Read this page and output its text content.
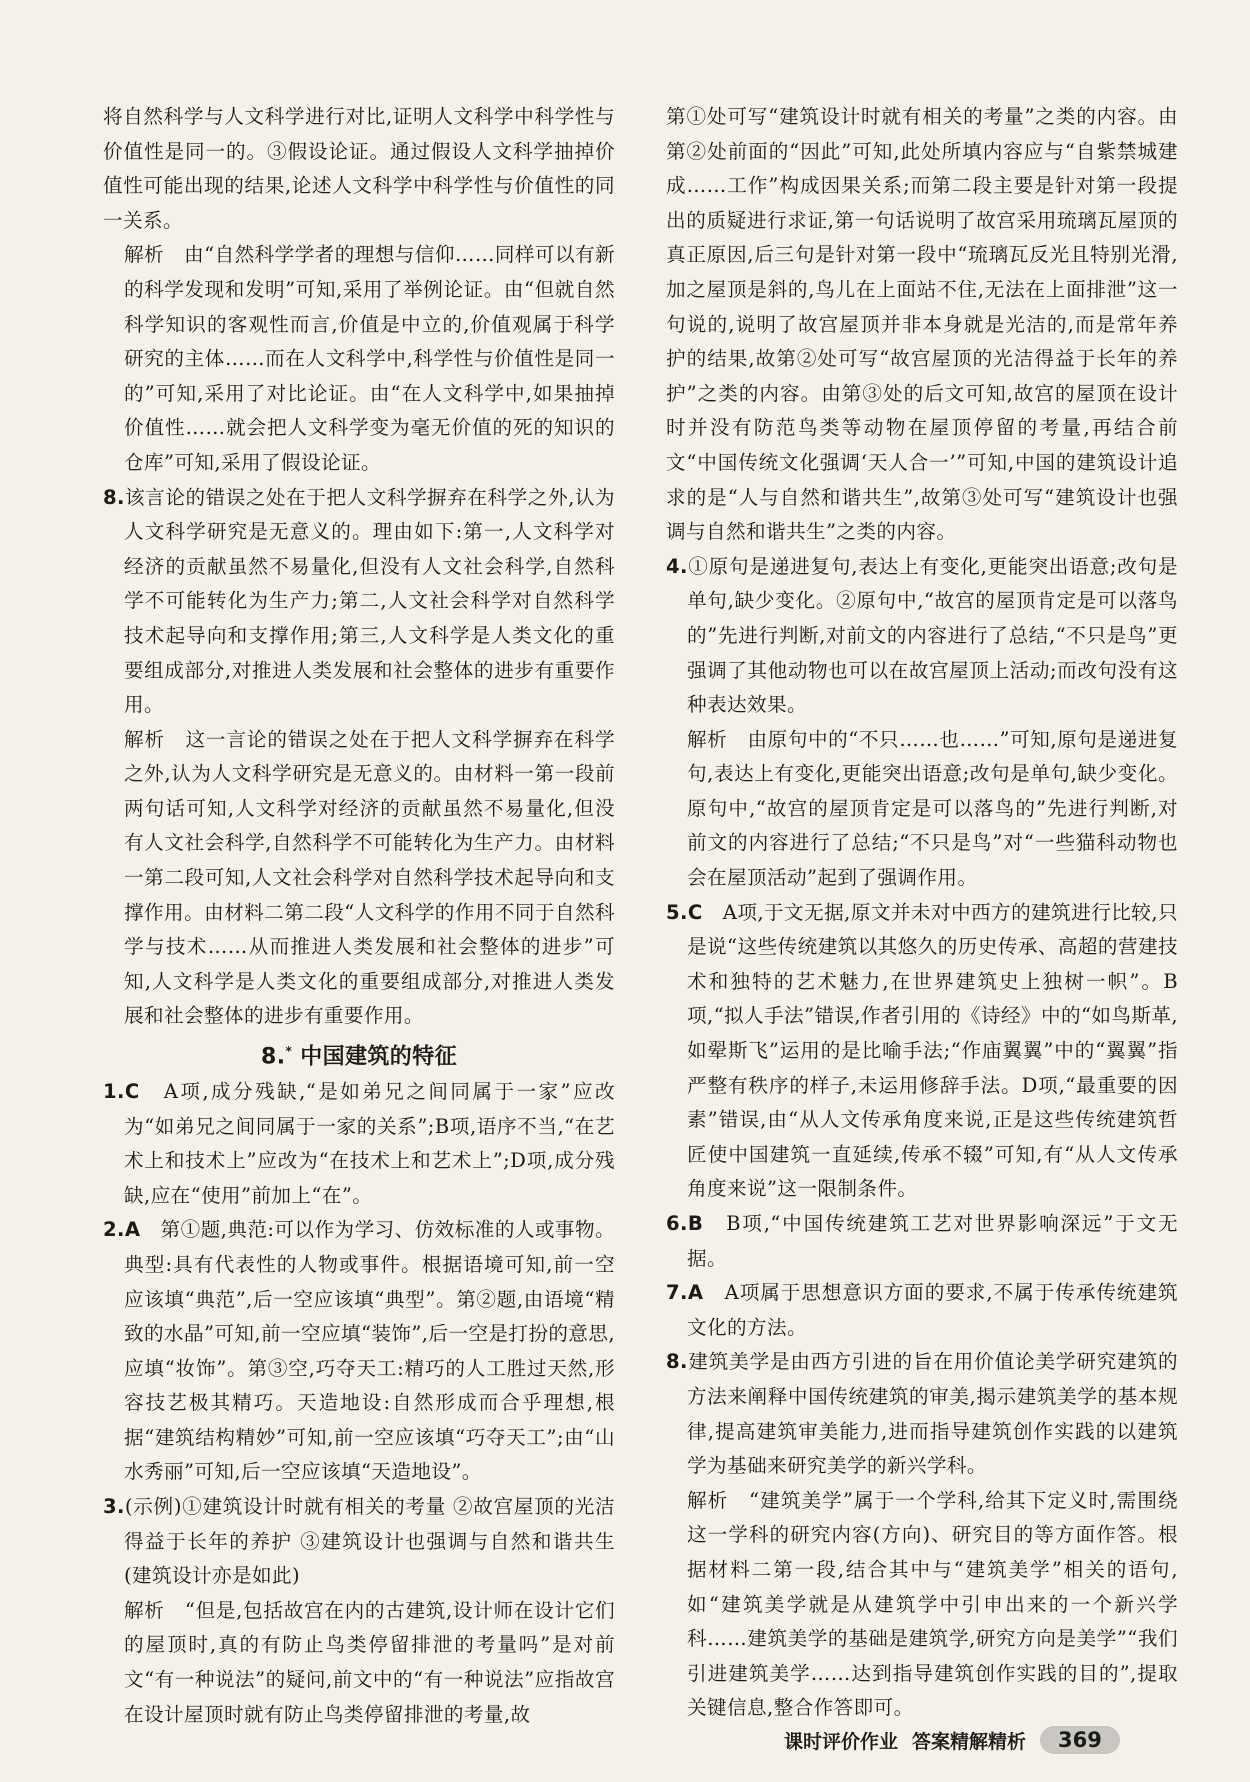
将自然科学与人文科学进行对比,证明人文科学中科学性与价值性是同一的。③假设论证。通过假设人文科学抽掉价值性可能出现的结果,论述人文科学中科学性与价值性的同一关系。

解析　 由“自然科学学者的理想与信仰……同样可以有新的科学发现和发明”可知,采用了举例论证。由“但就自然科学知识的客观性而言,价值是中立的,价值观属于科学研究的主体……而在人文科学中,科学性与价值性是同一的”可知,采用了对比论证。由“在人文科学中,如果抽掉价值性……就会把人文科学变为毫无价值的死的知识的仓库”可知,采用了假设论证。

8.该言论的错误之处在于把人文科学摒弃在科学之外,认为人文科学研究是无意义的。理由如下:第一,人文科学对经济的贡献虽然不易量化,但没有人文社会科学,自然科学不可能转化为生产力;第二,人文社会科学对自然科学技术起导向和支撑作用;第三,人文科学是人类文化的重要组成部分,对推进人类发展和社会整体的进步有重要作用。

解析　 这一言论的错误之处在于把人文科学摒弃在科学之外,认为人文科学研究是无意义的。由材料一第一段前两句话可知,人文科学对经济的贡献虽然不易量化,但没有人文社会科学,自然科学不可能转化为生产力。由材料一第二段可知,人文社会科学对自然科学技术起导向和支撑作用。由材料二第二段“人文科学的作用不同于自然科学与技术……从而推进人类发展和社会整体的进步”可知,人文科学是人类文化的重要组成部分,对推进人类发展和社会整体的进步有重要作用。

8.* 中国建筑的特征

1.C　 A项,成分残缺,“是如弟兄之间同属于一家”应改为“如弟兄之间同属于一家的关系”;B项,语序不当,“在艺术上和技术上”应改为“在技术上和艺术上”;D项,成分残缺,应在“使用”前加上“在”。

2.A　 第①题,典范:可以作为学习、仿效标准的人或事物。典型:具有代表性的人物或事件。根据语境可知,前一空应该填“典范”,后一空应该填“典型”。第②题,由语境“精致的水晶”可知,前一空应填“装饰”,后一空是打扮的意思,应填“妆饰”。第③空,巧夺天工:精巧的人工胜过天然,形容技艺极其精巧。天造地设:自然形成而合乎理想,根据“建筑结构精妙”可知,前一空应该填“巧夺天工”;由“山水秀丽”可知,后一空应该填“天造地设”。

3.(示例)①建筑设计时就有相关的考量 ②故宫屋顶的光洁得益于长年的养护 ③建筑设计也强调与自然和谐共生(建筑设计亦是如此)

解析　 “但是,包括故宫在内的古建筑,设计师在设计它们的屋顶时,真的有防止鸟类停留排泄的考量吗”是对前文“有一种说法”的疑问,前文中的“有一种说法”应指故宫在设计屋顶时就有防止鸟类停留排泄的考量,故

第①处可写“建筑设计时就有相关的考量”之类的内容。由第②处前面的“因此”可知,此处所填内容应与“自紫禁城建成……工作”构成因果关系;而第二段主要是针对第一段提出的质疑进行求证,第一句话说明了故宫采用琉璃瓦屋顶的真正原因,后三句是针对第一段中“琉璃瓦反光且特别光滑,加之屋顶是斜的,鸟儿在上面站不住,无法在上面排泄”这一句说的,说明了故宫屋顶并非本身就是光洁的,而是常年养护的结果,故第②处可写“故宫屋顶的光洁得益于长年的养护”之类的内容。由第③处的后文可知,故宫的屋顶在设计时并没有防范鸟类等动物在屋顶停留的考量,再结合前文“中国传统文化强调‘天人合一’”可知,中国的建筑设计追求的是“人与自然和谐共生”,故第③处可写“建筑设计也强调与自然和谐共生”之类的内容。

4.①原句是递进复句,表达上有变化,更能突出语意;改句是单句,缺少变化。②原句中,“故宫的屋顶肯定是可以落鸟的”先进行判断,对前文的内容进行了总结,“不只是鸟”更强调了其他动物也可以在故宫屋顶上活动;而改句没有这种表达效果。

解析　 由原句中的“不只……也……”可知,原句是递进复句,表达上有变化,更能突出语意;改句是单句,缺少变化。原句中,“故宫的屋顶肯定是可以落鸟的”先进行判断,对前文的内容进行了总结;“不只是鸟”对“一些猫科动物也会在屋顶活动”起到了强调作用。

5.C　 A项,于文无据,原文并未对中西方的建筑进行比较,只是说“这些传统建筑以其悠久的历史传承、高超的营建技术和独特的艺术魅力,在世界建筑史上独树一帜”。B项,“拟人手法”错误,作者引用的《诗经》中的“如鸟斯革,如翚斯飞”运用的是比喻手法;“作庙翼翼”中的“翼翼”指严整有秩序的样子,未运用修辞手法。D项,“最重要的因素”错误,由“从人文传承角度来说,正是这些传统建筑哲匠使中国建筑一直延续,传承不辍”可知,有“从人文传承角度来说”这一限制条件。

6.B　 B项,“中国传统建筑工艺对世界影响深远”于文无据。

7.A　 A项属于思想意识方面的要求,不属于传承传统建筑文化的方法。

8.建筑美学是由西方引进的旨在用价值论美学研究建筑的方法来阐释中国传统建筑的审美,揭示建筑美学的基本规律,提高建筑审美能力,进而指导建筑创作实践的以建筑学为基础来研究美学的新兴学科。

解析　 “建筑美学”属于一个学科,给其下定义时,需围绕这一学科的研究内容(方向)、研究目的等方面作答。根据材料二第一段,结合其中与“建筑美学”相关的语句,如“建筑美学就是从建筑学中引申出来的一个新兴学科……建筑美学的基础是建筑学,研究方向是美学”“我们引进建筑美学……达到指导建筑创作实践的目的”,提取关键信息,整合作答即可。

课时评价作业 答案精解精析	369
